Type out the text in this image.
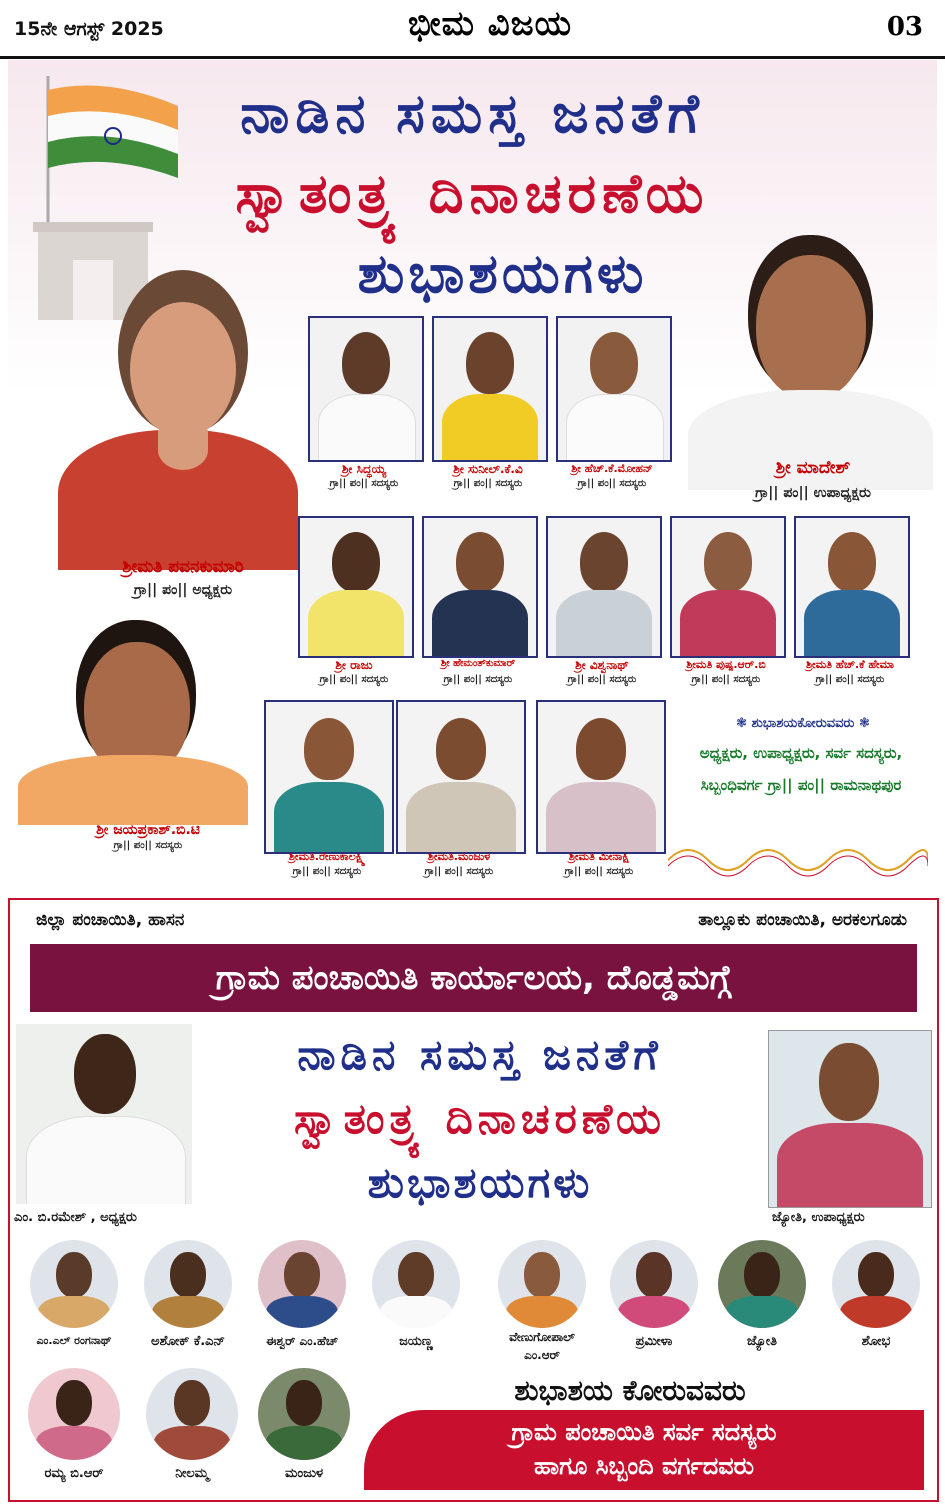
15ನೇ ಆಗಸ್ಟ್ 2025	ಭೀಮ ವಿಜಯ	03
ನಾಡಿನ ಸಮಸ್ತ ಜನತೆಗೆ
ಸ್ವಾತಂತ್ರ್ಯ ದಿನಾಚರಣೆಯ
ಶುಭಾಶಯಗಳು
ಶ್ರೀಮತಿ ಪವನಕುಮಾರಿ
ಗ್ರಾ|| ಪಂ|| ಅಧ್ಯಕ್ಷರು
ಶ್ರೀ ಮಾದೇಶ್
ಗ್ರಾ|| ಪಂ|| ಉಪಾಧ್ಯಕ್ಷರು
ಶ್ರೀ ಜಯಪ್ರಕಾಶ್.ಬಿ.ಟಿ
ಗ್ರಾ|| ಪಂ|| ಸದಸ್ಯರು
ಶ್ರೀ ಸಿದ್ಧಯ್ಯ
ಗ್ರಾ|| ಪಂ|| ಸದಸ್ಯರು
ಶ್ರೀ ಸುನೀಲ್.ಕೆ.ವಿ
ಗ್ರಾ|| ಪಂ|| ಸದಸ್ಯರು
ಶ್ರೀ ಹೆಚ್.ಕೆ.ಮೋಹನ್
ಗ್ರಾ|| ಪಂ|| ಸದಸ್ಯರು
ಶ್ರೀ ರಾಜು
ಗ್ರಾ|| ಪಂ|| ಸದಸ್ಯರು
ಶ್ರೀ ಹೇಮಂತ್‌ಕುಮಾರ್
ಗ್ರಾ|| ಪಂ|| ಸದಸ್ಯರು
ಶ್ರೀ ವಿಶ್ವನಾಥ್
ಗ್ರಾ|| ಪಂ|| ಸದಸ್ಯರು
ಶ್ರೀಮತಿ ಪುಷ್ಪ.ಆರ್.ಬಿ
ಗ್ರಾ|| ಪಂ|| ಸದಸ್ಯರು
ಶ್ರೀಮತಿ ಹೆಚ್.ಕೆ ಹೇಮಾ
ಗ್ರಾ|| ಪಂ|| ಸದಸ್ಯರು
ಶ್ರೀಮತಿ.ರೇಣುಕಾಲಕ್ಷ್ಮಿ
ಗ್ರಾ|| ಪಂ|| ಸದಸ್ಯರು
ಶ್ರೀಮತಿ.ಮಂಜುಳ
ಗ್ರಾ|| ಪಂ|| ಸದಸ್ಯರು
ಶ್ರೀಮತಿ ಮೀನಾಕ್ಷಿ
ಗ್ರಾ|| ಪಂ|| ಸದಸ್ಯರು
❃ ಶುಭಾಶಯಕೋರುವವರು ❃
ಅಧ್ಯಕ್ಷರು, ಉಪಾಧ್ಯಕ್ಷರು, ಸರ್ವ ಸದಸ್ಯರು,
ಸಿಬ್ಬಂಧಿವರ್ಗ ಗ್ರಾ|| ಪಂ|| ರಾಮನಾಥಪುರ
ಜಿಲ್ಲಾ ಪಂಚಾಯಿತಿ, ಹಾಸನ	ತಾಲ್ಲೂಕು ಪಂಚಾಯಿತಿ, ಅರಕಲಗೂಡು
ಗ್ರಾಮ ಪಂಚಾಯಿತಿ ಕಾರ್ಯಾಲಯ, ದೊಡ್ಡಮಗ್ಗೆ
ಎಂ. ಬಿ.ರಮೇಶ್ , ಅಧ್ಯಕ್ಷರು	ಜ್ಯೋತಿ, ಉಪಾಧ್ಯಕ್ಷರು
ನಾಡಿನ ಸಮಸ್ತ ಜನತೆಗೆ
ಸ್ವಾತಂತ್ರ್ಯ ದಿನಾಚರಣೆಯ
ಶುಭಾಶಯಗಳು
ಎಂ.ಎಲ್ ರಂಗನಾಥ್	ಅಶೋಕ್ ಕೆ.ಎನ್	ಈಶ್ವರ್ ಎಂ.ಹೆಚ್	ಜಯಣ್ಣ	ವೇಣುಗೋಪಾಲ್
ಎಂ.ಆರ್
ಪ್ರಮೀಳಾ	ಜ್ಯೋತಿ	ಶೋಭ
ರಮ್ಯ ಬಿ.ಆರ್	ನೀಲಮ್ಮ	ಮಂಜುಳ
ಶುಭಾಶಯ ಕೋರುವವರು
ಗ್ರಾಮ ಪಂಚಾಯಿತಿ ಸರ್ವ ಸದಸ್ಯರು
ಹಾಗೂ ಸಿಬ್ಬಂದಿ ವರ್ಗದವರು
